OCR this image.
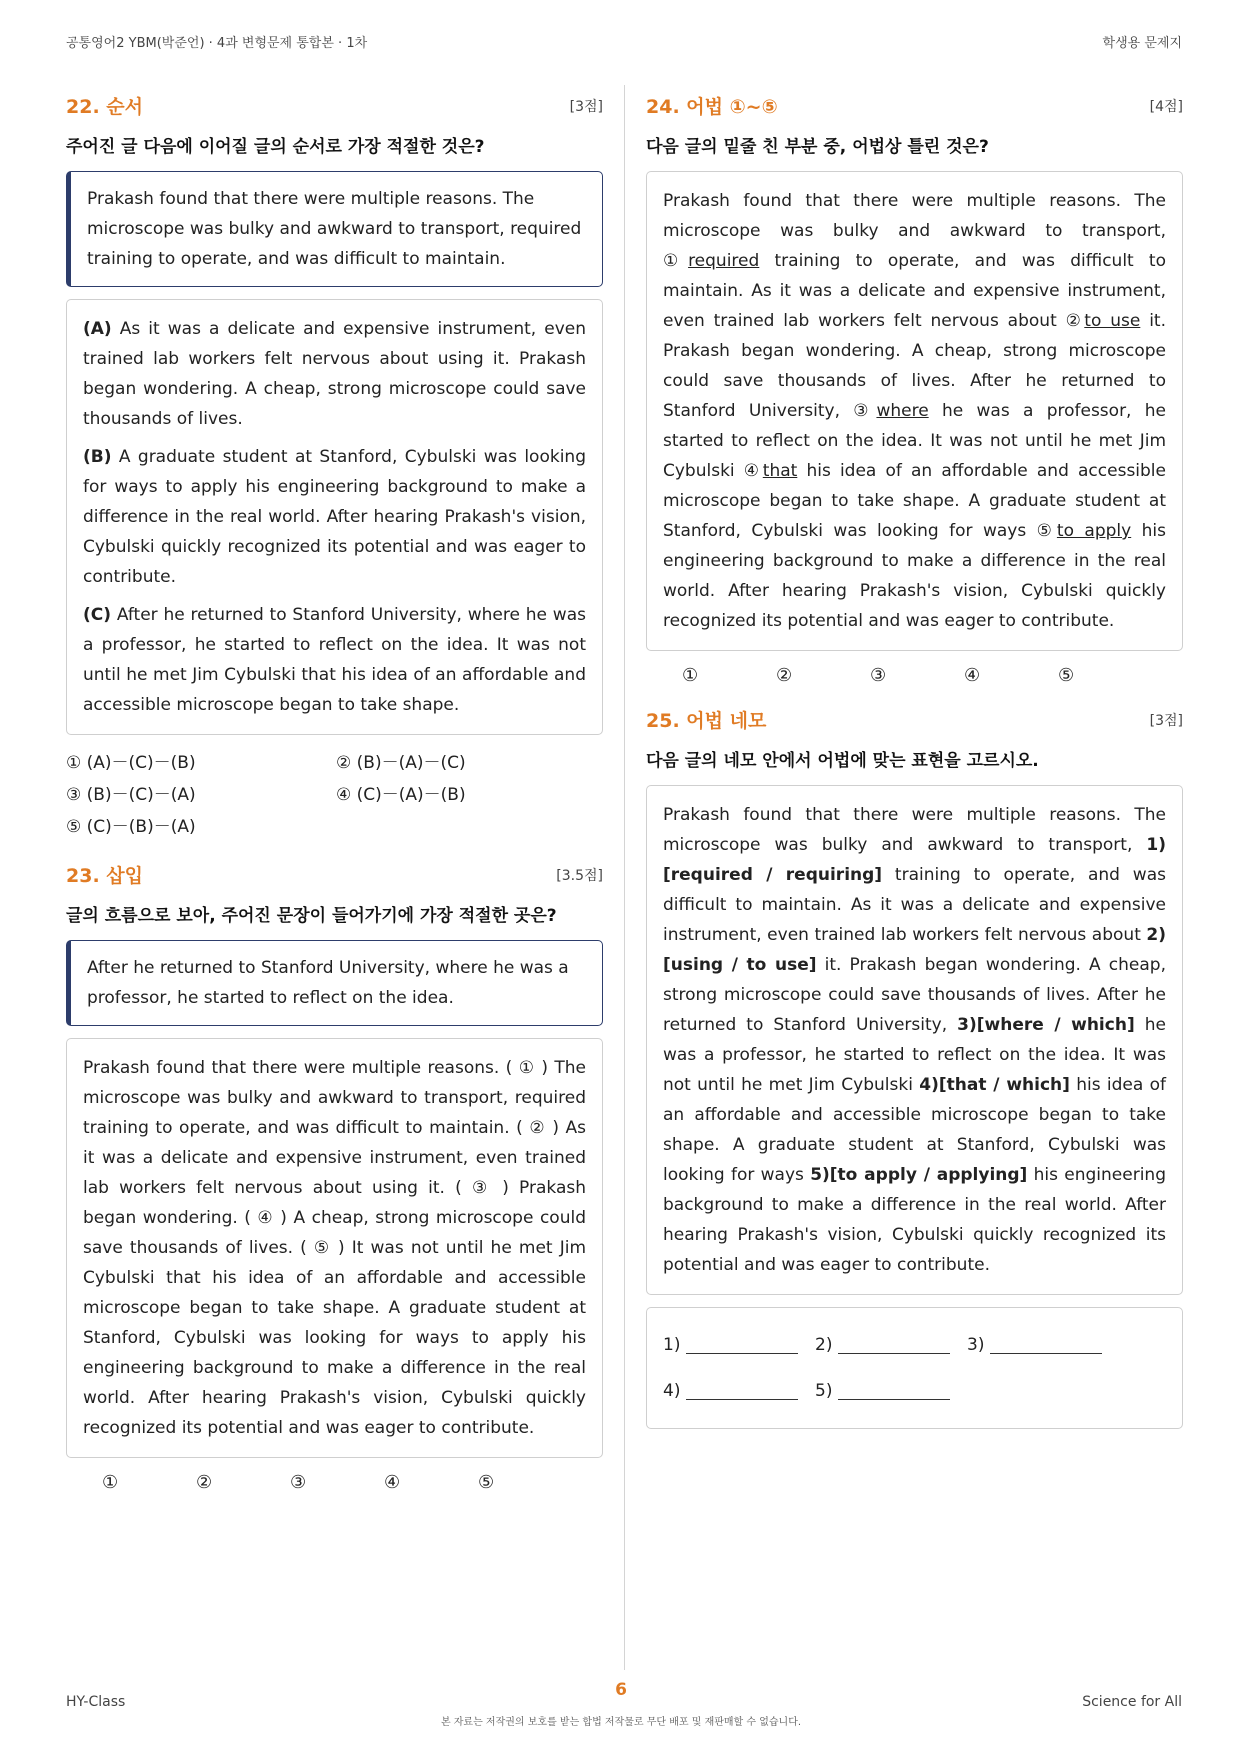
공통영어2 YBM(박준언) · 4과 변형문제 통합본 · 1차	학생용 문제지
22. 순서	[3점]
주어진 글 다음에 이어질 글의 순서로 가장 적절한 것은?
Prakash found that there were multiple reasons. The microscope was bulky and awkward to transport, required training to operate, and was difficult to maintain.
(A) As it was a delicate and expensive instrument, even trained lab workers felt nervous about using it. Prakash began wondering. A cheap, strong microscope could save thousands of lives.
(B) A graduate student at Stanford, Cybulski was looking for ways to apply his engineering background to make a difference in the real world. After hearing Prakash's vision, Cybulski quickly recognized its potential and was eager to contribute.
(C) After he returned to Stanford University, where he was a professor, he started to reflect on the idea. It was not until he met Jim Cybulski that his idea of an affordable and accessible microscope began to take shape.
① (A)－(C)－(B)	② (B)－(A)－(C)
③ (B)－(C)－(A)	④ (C)－(A)－(B)
⑤ (C)－(B)－(A)
23. 삽입	[3.5점]
글의 흐름으로 보아, 주어진 문장이 들어가기에 가장 적절한 곳은?
After he returned to Stanford University, where he was a professor, he started to reflect on the idea.
Prakash found that there were multiple reasons. ( ① ) The microscope was bulky and awkward to transport, required training to operate, and was difficult to maintain. ( ② ) As it was a delicate and expensive instrument, even trained lab workers felt nervous about using it. ( ③ ) Prakash began wondering. ( ④ ) A cheap, strong microscope could save thousands of lives. ( ⑤ ) It was not until he met Jim Cybulski that his idea of an affordable and accessible microscope began to take shape. A graduate student at Stanford, Cybulski was looking for ways to apply his engineering background to make a difference in the real world. After hearing Prakash's vision, Cybulski quickly recognized its potential and was eager to contribute.
①	②	③	④	⑤
24. 어법 ①~⑤	[4점]
다음 글의 밑줄 친 부분 중, 어법상 틀린 것은?
Prakash found that there were multiple reasons. The microscope was bulky and awkward to transport, ①required training to operate, and was difficult to maintain. As it was a delicate and expensive instrument, even trained lab workers felt nervous about ②to use it. Prakash began wondering. A cheap, strong microscope could save thousands of lives. After he returned to Stanford University, ③where he was a professor, he started to reflect on the idea. It was not until he met Jim Cybulski ④that his idea of an affordable and accessible microscope began to take shape. A graduate student at Stanford, Cybulski was looking for ways ⑤to apply his engineering background to make a difference in the real world. After hearing Prakash's vision, Cybulski quickly recognized its potential and was eager to contribute.
①	②	③	④	⑤
25. 어법 네모	[3점]
다음 글의 네모 안에서 어법에 맞는 표현을 고르시오.
Prakash found that there were multiple reasons. The microscope was bulky and awkward to transport, 1)[required / requiring] training to operate, and was difficult to maintain. As it was a delicate and expensive instrument, even trained lab workers felt nervous about 2)[using / to use] it. Prakash began wondering. A cheap, strong microscope could save thousands of lives. After he returned to Stanford University, 3)[where / which] he was a professor, he started to reflect on the idea. It was not until he met Jim Cybulski 4)[that / which] his idea of an affordable and accessible microscope began to take shape. A graduate student at Stanford, Cybulski was looking for ways 5)[to apply / applying] his engineering background to make a difference in the real world. After hearing Prakash's vision, Cybulski quickly recognized its potential and was eager to contribute.
1)	2)	3)
4)	5)
HY-Class
6
Science for All
본 자료는 저작권의 보호를 받는 합법 저작물로 무단 배포 및 재판매할 수 없습니다.
